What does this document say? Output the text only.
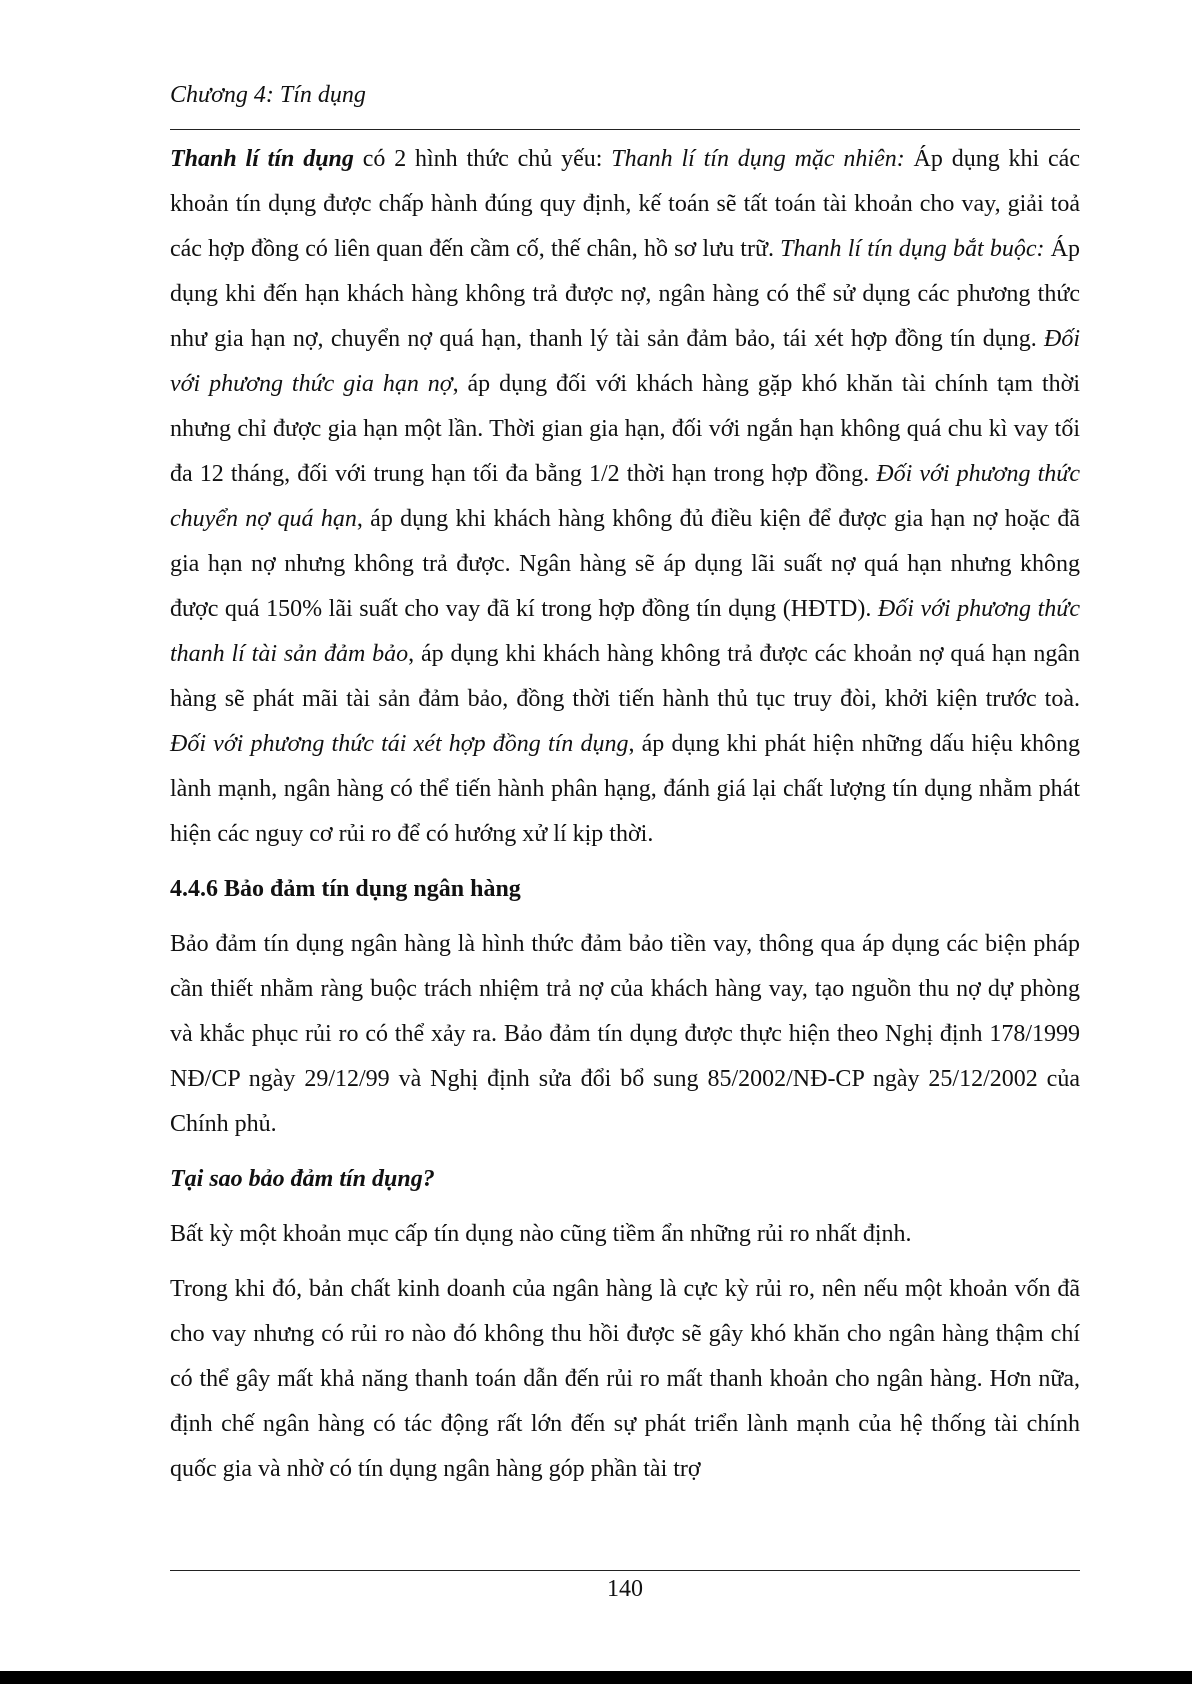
Chương 4: Tín dụng

Thanh lí tín dụng có 2 hình thức chủ yếu: Thanh lí tín dụng mặc nhiên: Áp dụng khi các khoản tín dụng được chấp hành đúng quy định, kế toán sẽ tất toán tài khoản cho vay, giải toả các hợp đồng có liên quan đến cầm cố, thế chân, hồ sơ lưu trữ. Thanh lí tín dụng bắt buộc: Áp dụng khi đến hạn khách hàng không trả được nợ, ngân hàng có thể sử dụng các phương thức như gia hạn nợ, chuyển nợ quá hạn, thanh lý tài sản đảm bảo, tái xét hợp đồng tín dụng. Đối với phương thức gia hạn nợ, áp dụng đối với khách hàng gặp khó khăn tài chính tạm thời nhưng chỉ được gia hạn một lần. Thời gian gia hạn, đối với ngắn hạn không quá chu kì vay tối đa 12 tháng, đối với trung hạn tối đa bằng 1/2 thời hạn trong hợp đồng. Đối với phương thức chuyển nợ quá hạn, áp dụng khi khách hàng không đủ điều kiện để được gia hạn nợ hoặc đã gia hạn nợ nhưng không trả được. Ngân hàng sẽ áp dụng lãi suất nợ quá hạn nhưng không được quá 150% lãi suất cho vay đã kí trong hợp đồng tín dụng (HĐTD). Đối với phương thức thanh lí tài sản đảm bảo, áp dụng khi khách hàng không trả được các khoản nợ quá hạn ngân hàng sẽ phát mãi tài sản đảm bảo, đồng thời tiến hành thủ tục truy đòi, khởi kiện trước toà. Đối với phương thức tái xét hợp đồng tín dụng, áp dụng khi phát hiện những dấu hiệu không lành mạnh, ngân hàng có thể tiến hành phân hạng, đánh giá lại chất lượng tín dụng nhằm phát hiện các nguy cơ rủi ro để có hướng xử lí kịp thời.

4.4.6 Bảo đảm tín dụng ngân hàng

Bảo đảm tín dụng ngân hàng là hình thức đảm bảo tiền vay, thông qua áp dụng các biện pháp cần thiết nhằm ràng buộc trách nhiệm trả nợ của khách hàng vay, tạo nguồn thu nợ dự phòng và khắc phục rủi ro có thể xảy ra. Bảo đảm tín dụng được thực hiện theo Nghị định 178/1999 NĐ/CP ngày 29/12/99 và Nghị định sửa đổi bổ sung 85/2002/NĐ-CP ngày 25/12/2002 của Chính phủ.

Tại sao bảo đảm tín dụng?

Bất kỳ một khoản mục cấp tín dụng nào cũng tiềm ẩn những rủi ro nhất định.

Trong khi đó, bản chất kinh doanh của ngân hàng là cực kỳ rủi ro, nên nếu một khoản vốn đã cho vay nhưng có rủi ro nào đó không thu hồi được sẽ gây khó khăn cho ngân hàng thậm chí có thể gây mất khả năng thanh toán dẫn đến rủi ro mất thanh khoản cho ngân hàng. Hơn nữa, định chế ngân hàng có tác động rất lớn đến sự phát triển lành mạnh của hệ thống tài chính quốc gia và nhờ có tín dụng ngân hàng góp phần tài trợ

140
